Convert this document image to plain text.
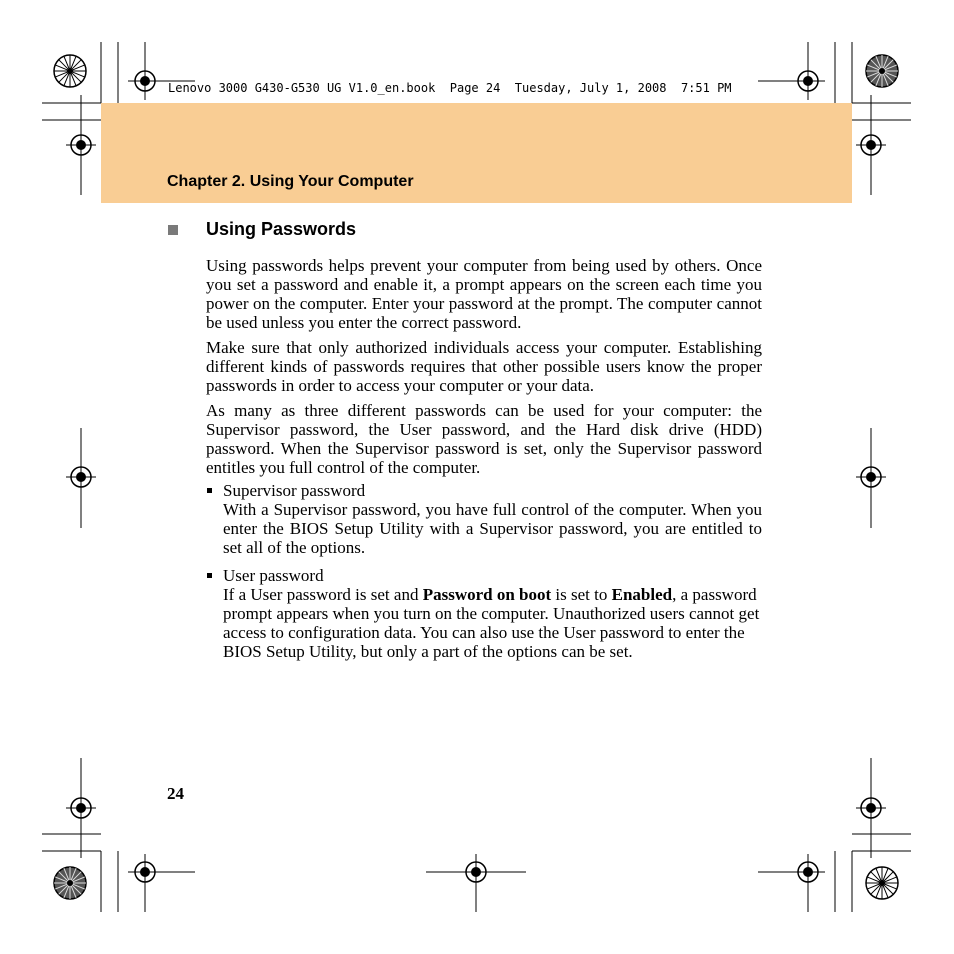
Lenovo 3000 G430-G530 UG V1.0_en.book  Page 24  Tuesday, July 1, 2008  7:51 PM
Chapter 2. Using Your Computer
Using Passwords

Using passwords helps prevent your computer from being used by others. Once you set a password and enable it, a prompt appears on the screen each time you power on the computer. Enter your password at the prompt. The computer cannot be used unless you enter the correct password.

Make sure that only authorized individuals access your computer. Establishing different kinds of passwords requires that other possible users know the proper passwords in order to access your computer or your data.

As many as three different passwords can be used for your computer: the Supervisor password, the User password, and the Hard disk drive (HDD) password. When the Supervisor password is set, only the Supervisor password entitles you full control of the computer.

Supervisor password
With a Supervisor password, you have full control of the computer. When you enter the BIOS Setup Utility with a Supervisor password, you are entitled to set all of the options.
User password
If a User password is set and Password on boot is set to Enabled, a password prompt appears when you turn on the computer. Unauthorized users cannot get access to configuration data. You can also use the User password to enter the BIOS Setup Utility, but only a part of the options can be set.
24
